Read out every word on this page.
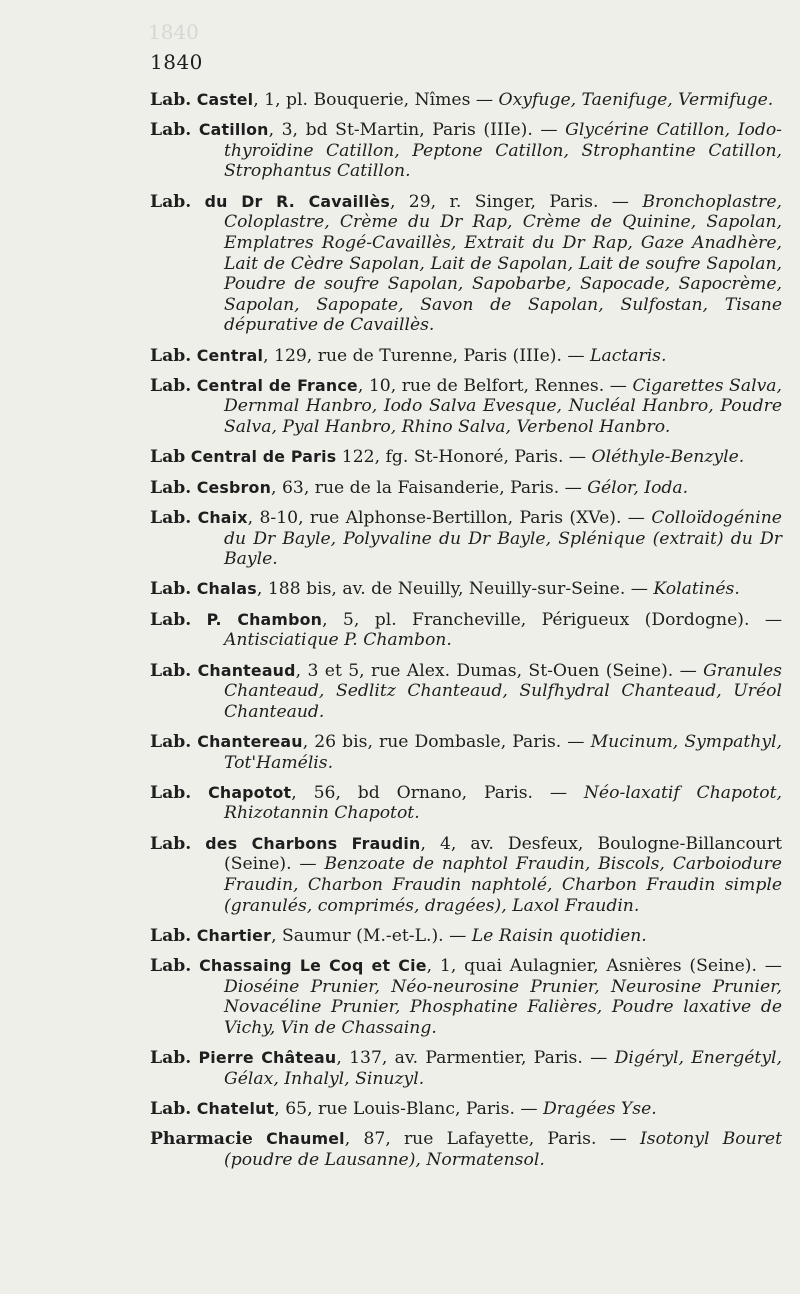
1840
1840

Lab. Castel, 1, pl. Bouquerie, Nîmes — Oxyfuge, Taenifuge, Vermifuge.

Lab. Catillon, 3, bd St-Martin, Paris (IIIe). — Glycérine Catillon, Iodo-thyroïdine Catillon, Peptone Catillon, Strophantine Catillon, Strophantus Catillon.

Lab. du Dr R. Cavaillès, 29, r. Singer, Paris. — Bronchoplastre, Coloplastre, Crème du Dr Rap, Crème de Quinine, Sapolan, Emplatres Rogé-Cavaillès, Extrait du Dr Rap, Gaze Anadhère, Lait de Cèdre Sapolan, Lait de Sapolan, Lait de soufre Sapolan, Poudre de soufre Sapolan, Sapobarbe, Sapocade, Sapocrème, Sapolan, Sapopate, Savon de Sapolan, Sulfostan, Tisane dépurative de Cavaillès.

Lab. Central, 129, rue de Turenne, Paris (IIIe). — Lactaris.

Lab. Central de France, 10, rue de Belfort, Rennes. — Cigarettes Salva, Dernmal Hanbro, Iodo Salva Evesque, Nucléal Hanbro, Poudre Salva, Pyal Hanbro, Rhino Salva, Verbenol Hanbro.

Lab Central de Paris 122, fg. St-Honoré, Paris. — Oléthyle-Benzyle.

Lab. Cesbron, 63, rue de la Faisanderie, Paris. — Gélor, Ioda.

Lab. Chaix, 8-10, rue Alphonse-Bertillon, Paris (XVe). — Colloïdogénine du Dr Bayle, Polyvaline du Dr Bayle, Splénique (extrait) du Dr Bayle.

Lab. Chalas, 188 bis, av. de Neuilly, Neuilly-sur-Seine. — Kolatinés.

Lab. P. Chambon, 5, pl. Francheville, Périgueux (Dordogne). — Antisciatique P. Chambon.

Lab. Chanteaud, 3 et 5, rue Alex. Dumas, St-Ouen (Seine). — Granules Chanteaud, Sedlitz Chanteaud, Sulfhydral Chanteaud, Uréol Chanteaud.

Lab. Chantereau, 26 bis, rue Dombasle, Paris. — Mucinum, Sympathyl, Tot'Hamélis.

Lab. Chapotot, 56, bd Ornano, Paris. — Néo-laxatif Chapotot, Rhizotannin Chapotot.

Lab. des Charbons Fraudin, 4, av. Desfeux, Boulogne-Billancourt (Seine). — Benzoate de naphtol Fraudin, Biscols, Carboiodure Fraudin, Charbon Fraudin naphtolé, Charbon Fraudin simple (granulés, comprimés, dragées), Laxol Fraudin.

Lab. Chartier, Saumur (M.-et-L.). — Le Raisin quotidien.

Lab. Chassaing Le Coq et Cie, 1, quai Aulagnier, Asnières (Seine). — Dioséine Prunier, Néo-neurosine Prunier, Neurosine Prunier, Novacéline Prunier, Phosphatine Falières, Poudre laxative de Vichy, Vin de Chassaing.

Lab. Pierre Château, 137, av. Parmentier, Paris. — Digéryl, Energétyl, Gélax, Inhalyl, Sinuzyl.

Lab. Chatelut, 65, rue Louis-Blanc, Paris. — Dragées Yse.

Pharmacie Chaumel, 87, rue Lafayette, Paris. — Isotonyl Bouret (poudre de Lausanne), Normatensol.
